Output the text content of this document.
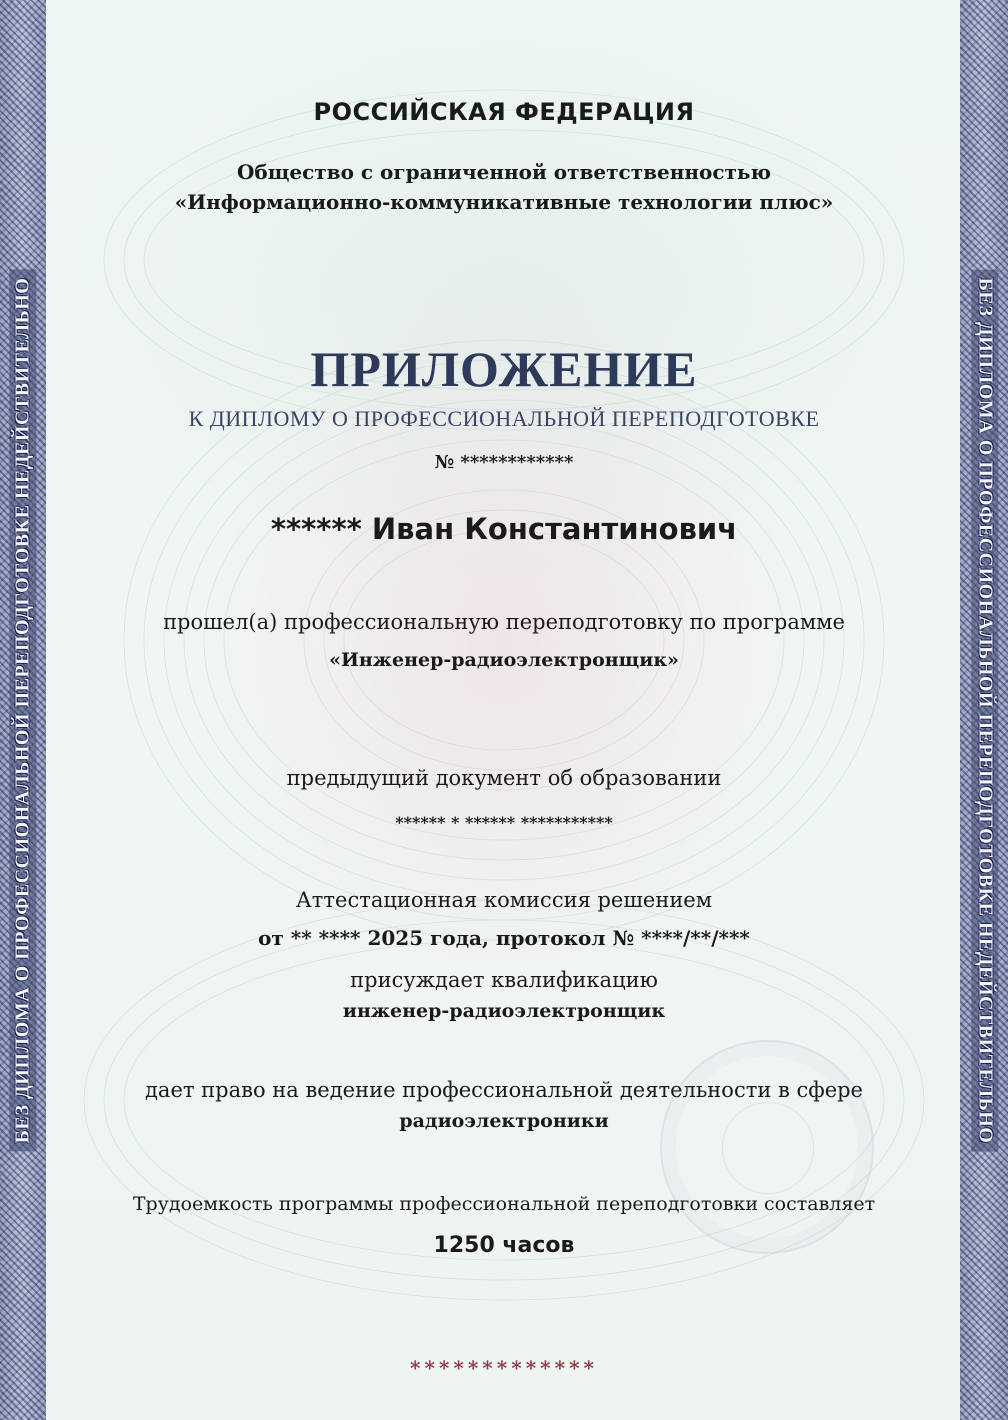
БЕЗ ДИПЛОМА О ПРОФЕССИОНАЛЬНОЙ ПЕРЕПОДГОТОВКЕ НЕДЕЙСТВИТЕЛЬНО	БЕЗ ДИПЛОМА О ПРОФЕССИОНАЛЬНОЙ ПЕРЕПОДГОТОВКЕ НЕДЕЙСТВИТЕЛЬНО
РОССИЙСКАЯ ФЕДЕРАЦИЯ
Общество с ограниченной ответственностью
«Информационно-коммуникативные технологии плюс»
ПРИЛОЖЕНИЕ
К ДИПЛОМУ О ПРОФЕССИОНАЛЬНОЙ ПЕРЕПОДГОТОВКЕ
№ ************
****** Иван Константинович
прошел(а) профессиональную переподготовку по программе
«Инженер-радиоэлектронщик»
предыдущий документ об образовании
****** * ****** ***********
Аттестационная комиссия решением
от ** **** 2025 года, протокол № ****/**/***
присуждает квалификацию
инженер-радиоэлектронщик
дает право на ведение профессиональной деятельности в сфере
радиоэлектроники
Трудоемкость программы профессиональной переподготовки составляет
1250 часов
*************
